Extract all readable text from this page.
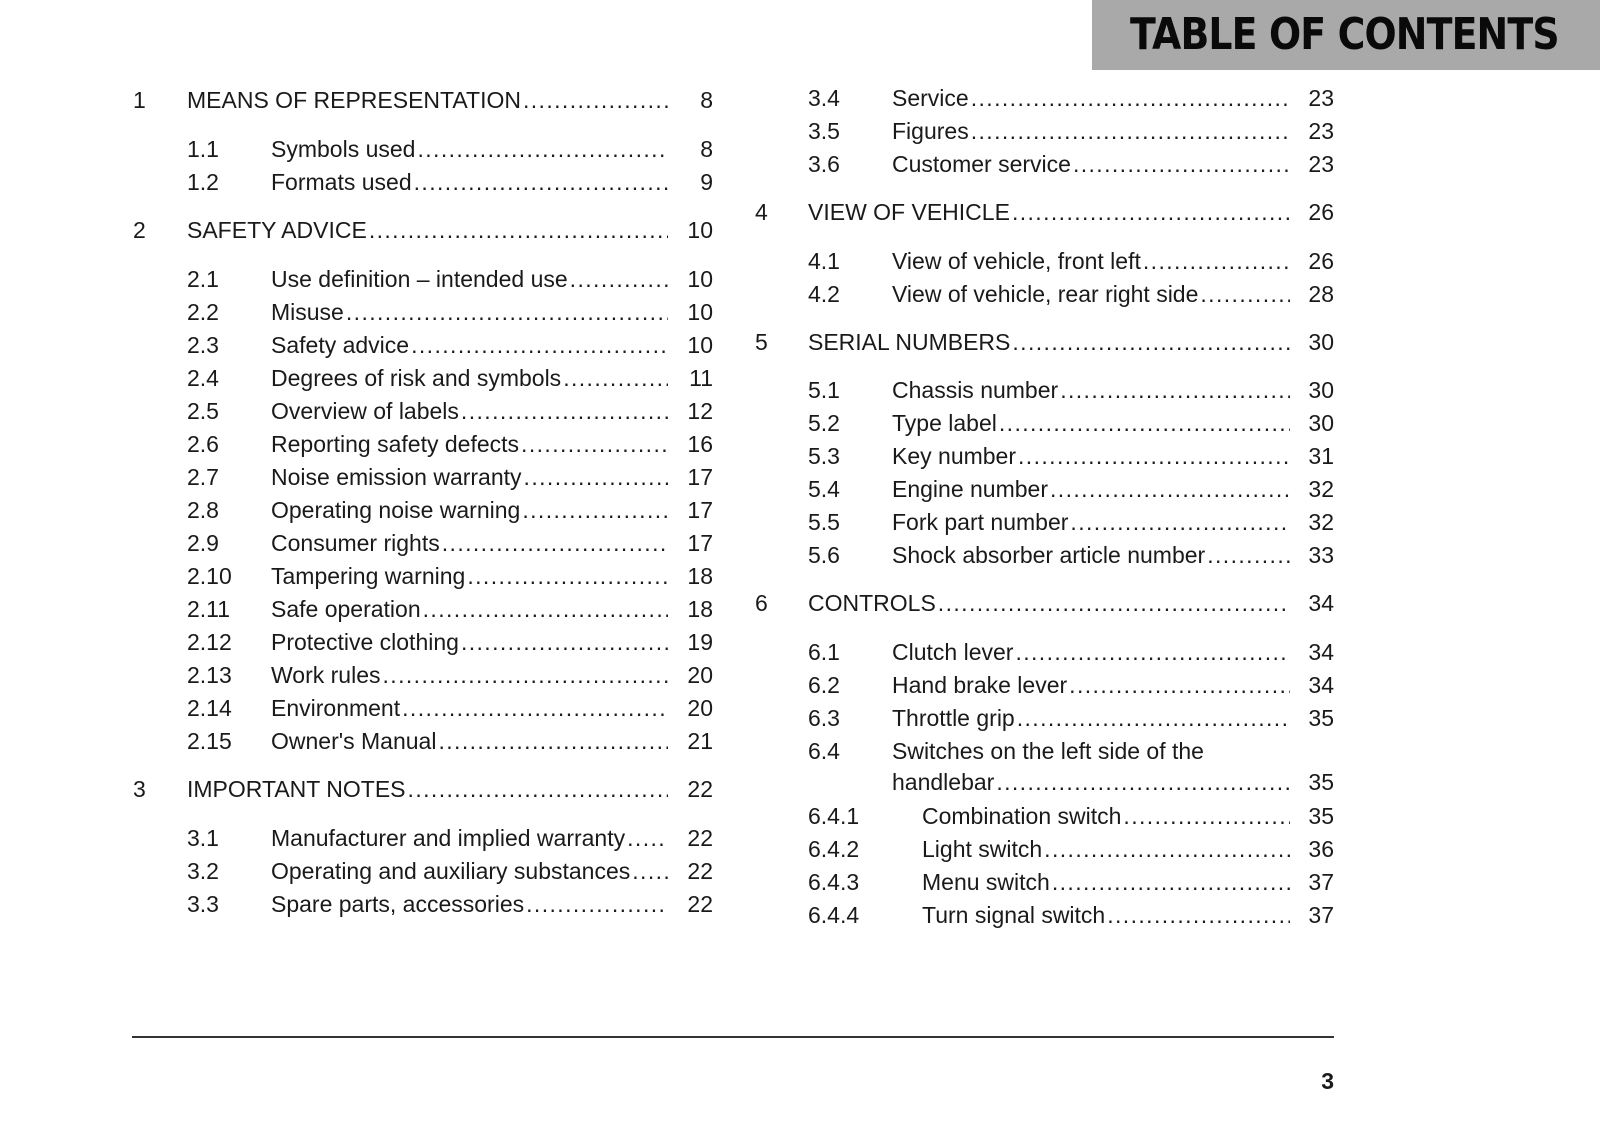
TABLE OF CONTENTS
1 MEANS OF REPRESENTATION .....	8
1.1 Symbols used .....	8
1.2 Formats used .....	9
2 SAFETY ADVICE .....	10
2.1 Use definition – intended use .....	10
2.2 Misuse .....	10
2.3 Safety advice .....	10
2.4 Degrees of risk and symbols .....	11
2.5 Overview of labels .....	12
2.6 Reporting safety defects .....	16
2.7 Noise emission warranty .....	17
2.8 Operating noise warning .....	17
2.9 Consumer rights .....	17
2.10 Tampering warning .....	18
2.11 Safe operation .....	18
2.12 Protective clothing .....	19
2.13 Work rules .....	20
2.14 Environment .....	20
2.15 Owner's Manual .....	21
3 IMPORTANT NOTES .....	22
3.1 Manufacturer and implied warranty .....	22
3.2 Operating and auxiliary substances .....	22
3.3 Spare parts, accessories .....	22
3.4 Service .....	23
3.5 Figures .....	23
3.6 Customer service .....	23
4 VIEW OF VEHICLE .....	26
4.1 View of vehicle, front left .....	26
4.2 View of vehicle, rear right side .....	28
5 SERIAL NUMBERS .....	30
5.1 Chassis number .....	30
5.2 Type label .....	30
5.3 Key number .....	31
5.4 Engine number .....	32
5.5 Fork part number .....	32
5.6 Shock absorber article number .....	33
6 CONTROLS .....	34
6.1 Clutch lever .....	34
6.2 Hand brake lever .....	34
6.3 Throttle grip .....	35
6.4 Switches on the left side of the
handlebar .....	35
6.4.1	Combination switch .....	35
6.4.2	Light switch .....	36
6.4.3	Menu switch .....	37
6.4.4	Turn signal switch .....	37
3
